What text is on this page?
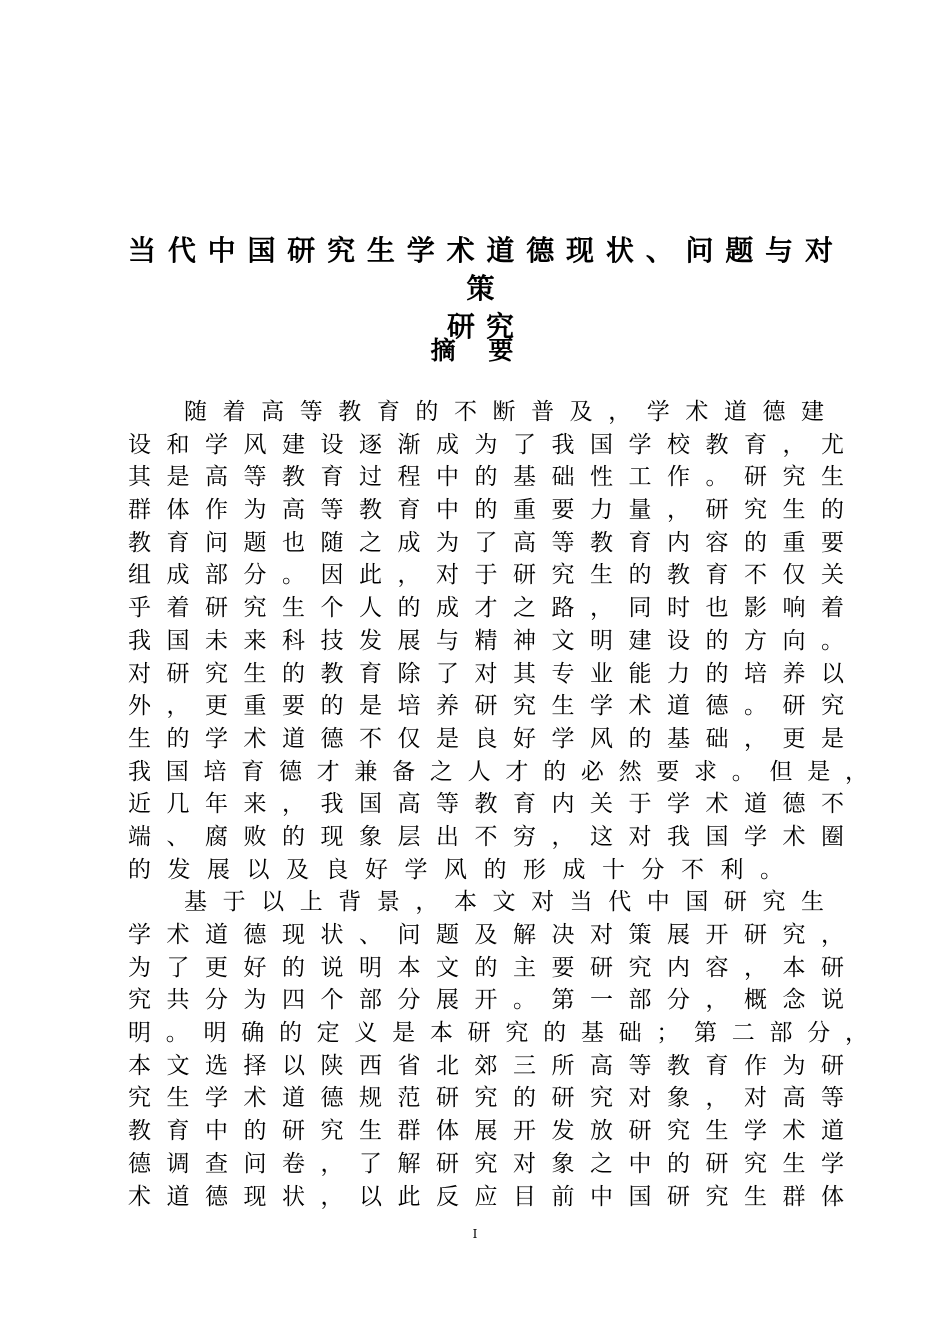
当代中国研究生学术道德现状、问题与对策
研究
摘 要
随着高等教育的不断普及，学术道德建
设和学风建设逐渐成为了我国学校教育，尤
其是高等教育过程中的基础性工作。研究生
群体作为高等教育中的重要力量，研究生的
教育问题也随之成为了高等教育内容的重要
组成部分。因此，对于研究生的教育不仅关
乎着研究生个人的成才之路，同时也影响着
我国未来科技发展与精神文明建设的方向。
对研究生的教育除了对其专业能力的培养以
外，更重要的是培养研究生学术道德。研究
生的学术道德不仅是良好学风的基础，更是
我国培育德才兼备之人才的必然要求。但是，
近几年来，我国高等教育内关于学术道德不
端、腐败的现象层出不穷，这对我国学术圈
的发展以及良好学风的形成十分不利。
基于以上背景，本文对当代中国研究生
学术道德现状、问题及解决对策展开研究，
为了更好的说明本文的主要研究内容，本研
究共分为四个部分展开。第一部分，概念说
明。明确的定义是本研究的基础；第二部分，
本文选择以陕西省北郊三所高等教育作为研
究生学术道德规范研究的研究对象，对高等
教育中的研究生群体展开发放研究生学术道
德调查问卷，了解研究对象之中的研究生学
术道德现状，以此反应目前中国研究生群体
I
